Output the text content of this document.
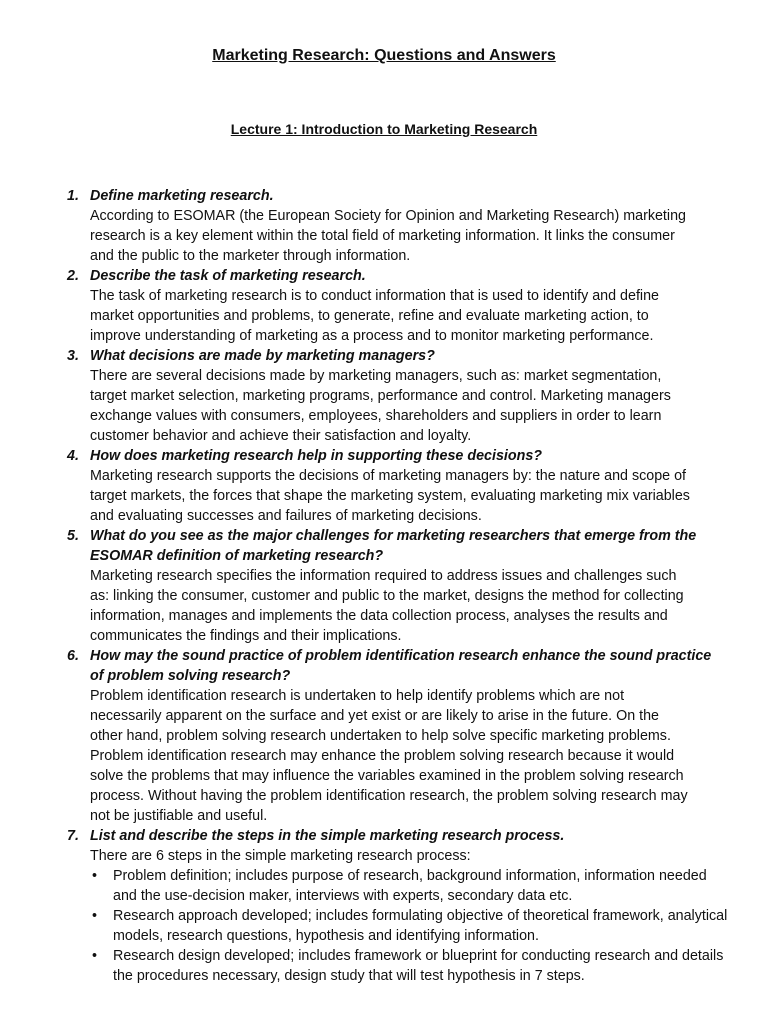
Marketing Research: Questions and Answers
Lecture 1: Introduction to Marketing Research
1. Define marketing research.
According to ESOMAR (the European Society for Opinion and Marketing Research) marketing
research is a key element within the total field of marketing information. It links the consumer
and the public to the marketer through information.
2. Describe the task of marketing research.
The task of marketing research is to conduct information that is used to identify and define
market opportunities and problems, to generate, refine and evaluate marketing action, to
improve understanding of marketing as a process and to monitor marketing performance.
3. What decisions are made by marketing managers?
There are several decisions made by marketing managers, such as: market segmentation,
target market selection, marketing programs, performance and control. Marketing managers
exchange values with consumers, employees, shareholders and suppliers in order to learn
customer behavior and achieve their satisfaction and loyalty.
4. How does marketing research help in supporting these decisions?
Marketing research supports the decisions of marketing managers by: the nature and scope of
target markets, the forces that shape the marketing system, evaluating marketing mix variables
and evaluating successes and failures of marketing decisions.
5. What do you see as the major challenges for marketing researchers that emerge from the ESOMAR definition of marketing research?
Marketing research specifies the information required to address issues and challenges such
as: linking the consumer, customer and public to the market, designs the method for collecting
information, manages and implements the data collection process, analyses the results and
communicates the findings and their implications.
6. How may the sound practice of problem identification research enhance the sound practice of problem solving research?
Problem identification research is undertaken to help identify problems which are not
necessarily apparent on the surface and yet exist or are likely to arise in the future. On the
other hand, problem solving research undertaken to help solve specific marketing problems.
Problem identification research may enhance the problem solving research because it would
solve the problems that may influence the variables examined in the problem solving research
process. Without having the problem identification research, the problem solving research may
not be justifiable and useful.
7. List and describe the steps in the simple marketing research process.
There are 6 steps in the simple marketing research process:
• Problem definition; includes purpose of research, background information, information needed and the use-decision maker, interviews with experts, secondary data etc.
• Research approach developed; includes formulating objective of theoretical framework, analytical models, research questions, hypothesis and identifying information.
• Research design developed; includes framework or blueprint for conducting research and details the procedures necessary, design study that will test hypothesis in 7 steps.
